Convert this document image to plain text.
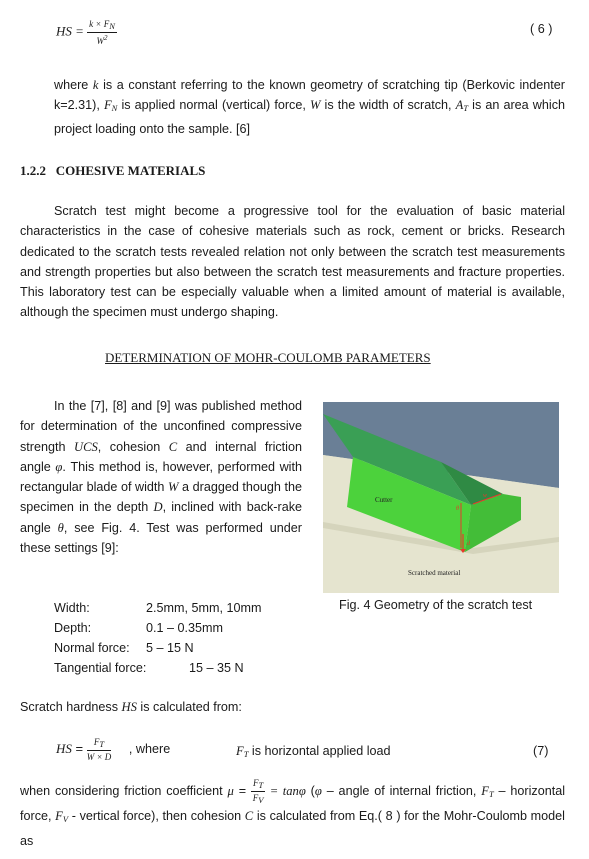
HS = $\frac{k \times F_N}{W^2}$	( 6 )

where k is a constant referring to the known geometry of scratching tip (Berkovic indenter k=2.31), $F_N$ is applied normal (vertical) force, W is the width of scratch, $A_T$ is an area which project loading onto the sample. [6]

1.2.2 COHESIVE MATERIALS

Scratch test might become a progressive tool for the evaluation of basic material characteristics in the case of cohesive materials such as rock, cement or bricks. Research dedicated to the scratch tests revealed relation not only between the scratch test measurements and strength properties but also between the scratch test measurements and fracture properties. This laboratory test can be especially valuable when a limited amount of material is available, although the specimen must undergo shaping.

DETERMINATION OF MOHR-COULOMB PARAMETERS

In the [7], [8] and [9] was published method for determination of the unconfined compressive strength UCS, cohesion C and internal friction angle φ. This method is, however, performed with rectangular blade of width W a dragged though the specimen in the depth D, inclined with back-rake angle θ, see Fig. 4. Test was performed under these settings [9]:

Cutter
Scratched material
w
θ
d
Fig. 4 Geometry of the scratch test
Width:	2.5mm, 5mm, 10mm
Depth:	0.1 – 0.35mm
Normal force: 5 – 15 N
Tangential force:	15 – 35 N

Scratch hardness HS is calculated from:

HS = $\frac{F_T}{W \times D}$ , where	$F_T$ is horizontal applied load	(7)

when considering friction coefficient $\mu = \frac{F_T}{F_V} = \tan\varphi$ (φ – angle of internal friction, $F_T$ – horizontal force, $F_V$ - vertical force), then cohesion C is calculated from Eq.( 8 ) for the Mohr-Coulomb model as
